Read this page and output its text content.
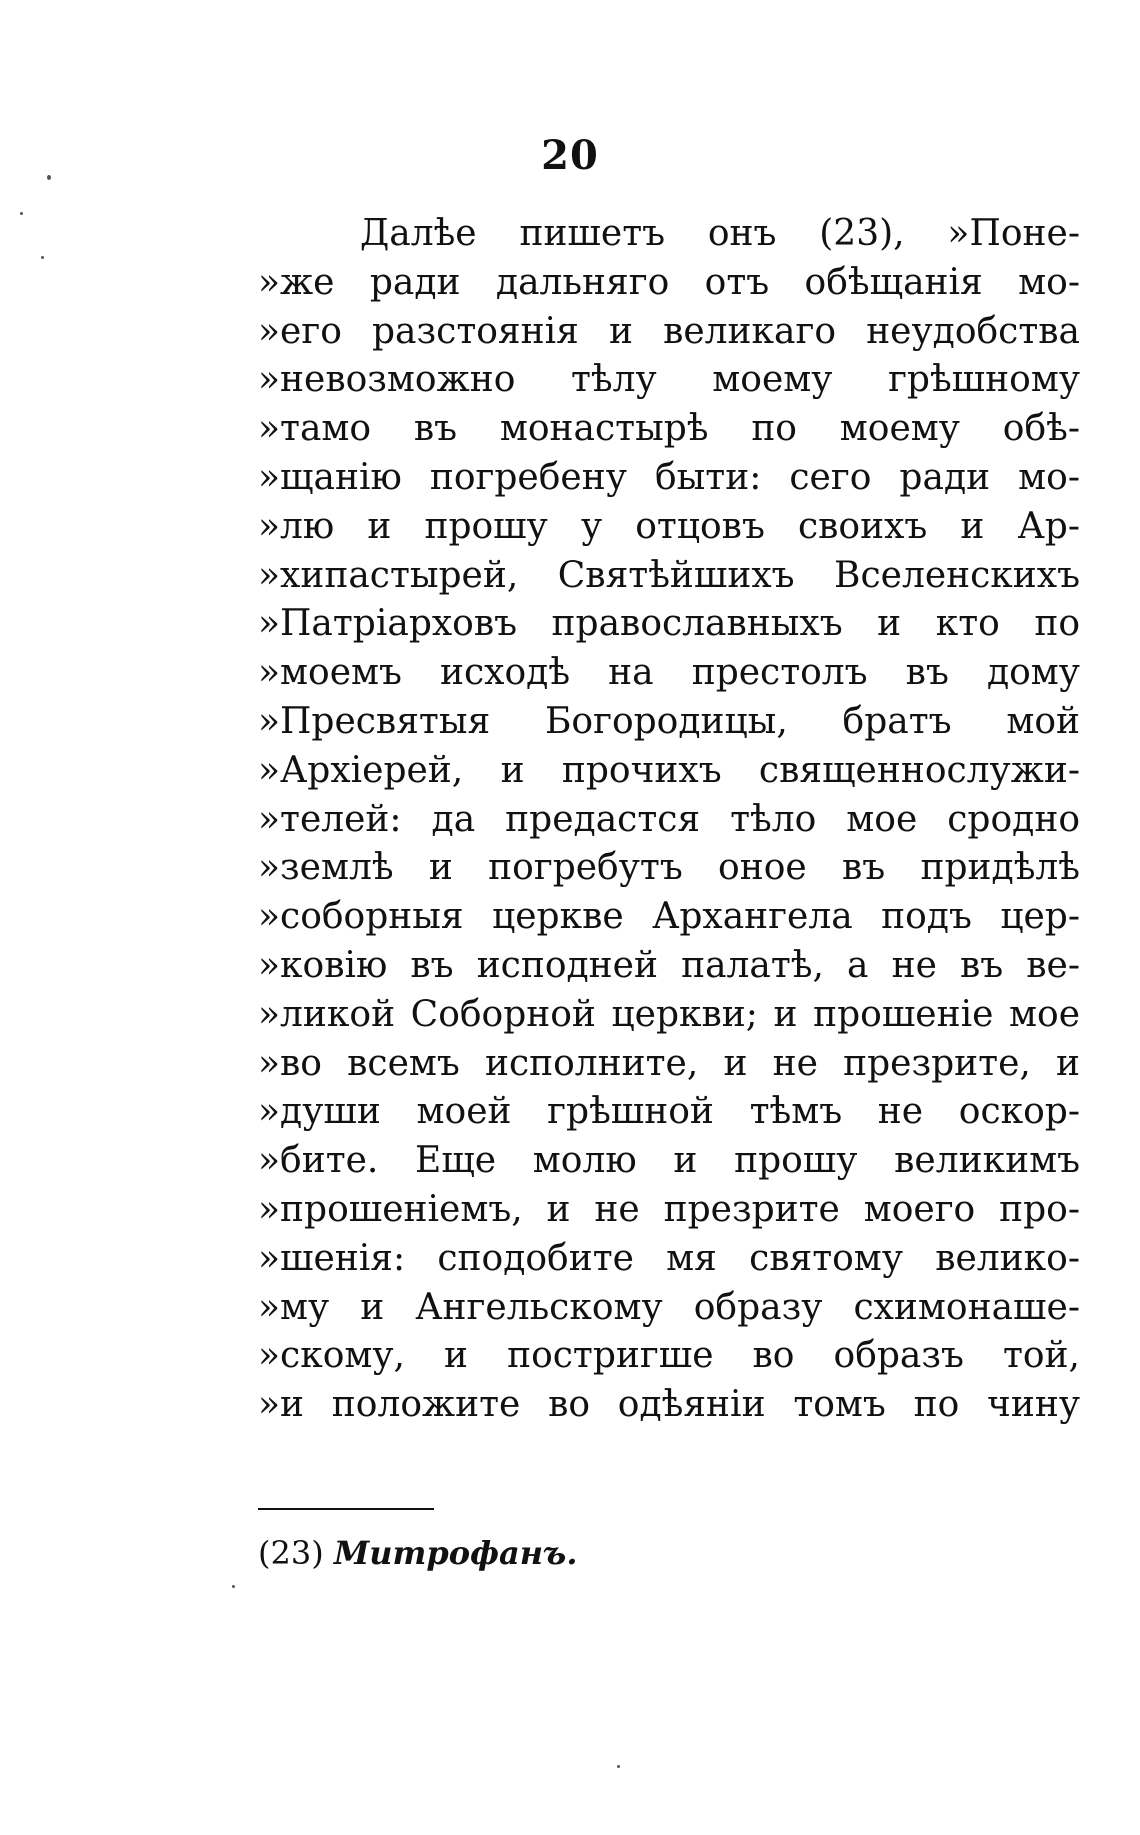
20
Далѣе пишетъ онъ (23), »Поне-
»же ради дальняго отъ обѣщанія мо-
»его разстоянія и великаго неудобства
»невозможно тѣлу моему грѣшному
»тамо въ монастырѣ по моему обѣ-
»щанію погребену быти: сего ради мо-
»лю и прошу у отцовъ своихъ и Ар-
»хипастырей, Святѣйшихъ Вселенскихъ
»Патріарховъ православныхъ и кто по
»моемъ исходѣ на престолъ въ дому
»Пресвятыя Богородицы, братъ мой
»Архіерей, и прочихъ священнослужи-
»телей: да предастся тѣло мое сродно
»землѣ и погребутъ оное въ придѣлѣ
»соборныя церкве Архангела подъ цер-
»ковію въ исподней палатѣ, а не въ ве-
»ликой Соборной церкви; и прошеніе мое
»во всемъ исполните, и не презрите, и
»души моей грѣшной тѣмъ не оскор-
»бите. Еще молю и прошу великимъ
»прошеніемъ, и не презрите моего про-
»шенія: сподобите мя святому велико-
»му и Ангельскому образу схимонаше-
»скому, и постригше во образъ той,
»и положите во одѣяніи томъ по чину
(23) Митрофанъ.
